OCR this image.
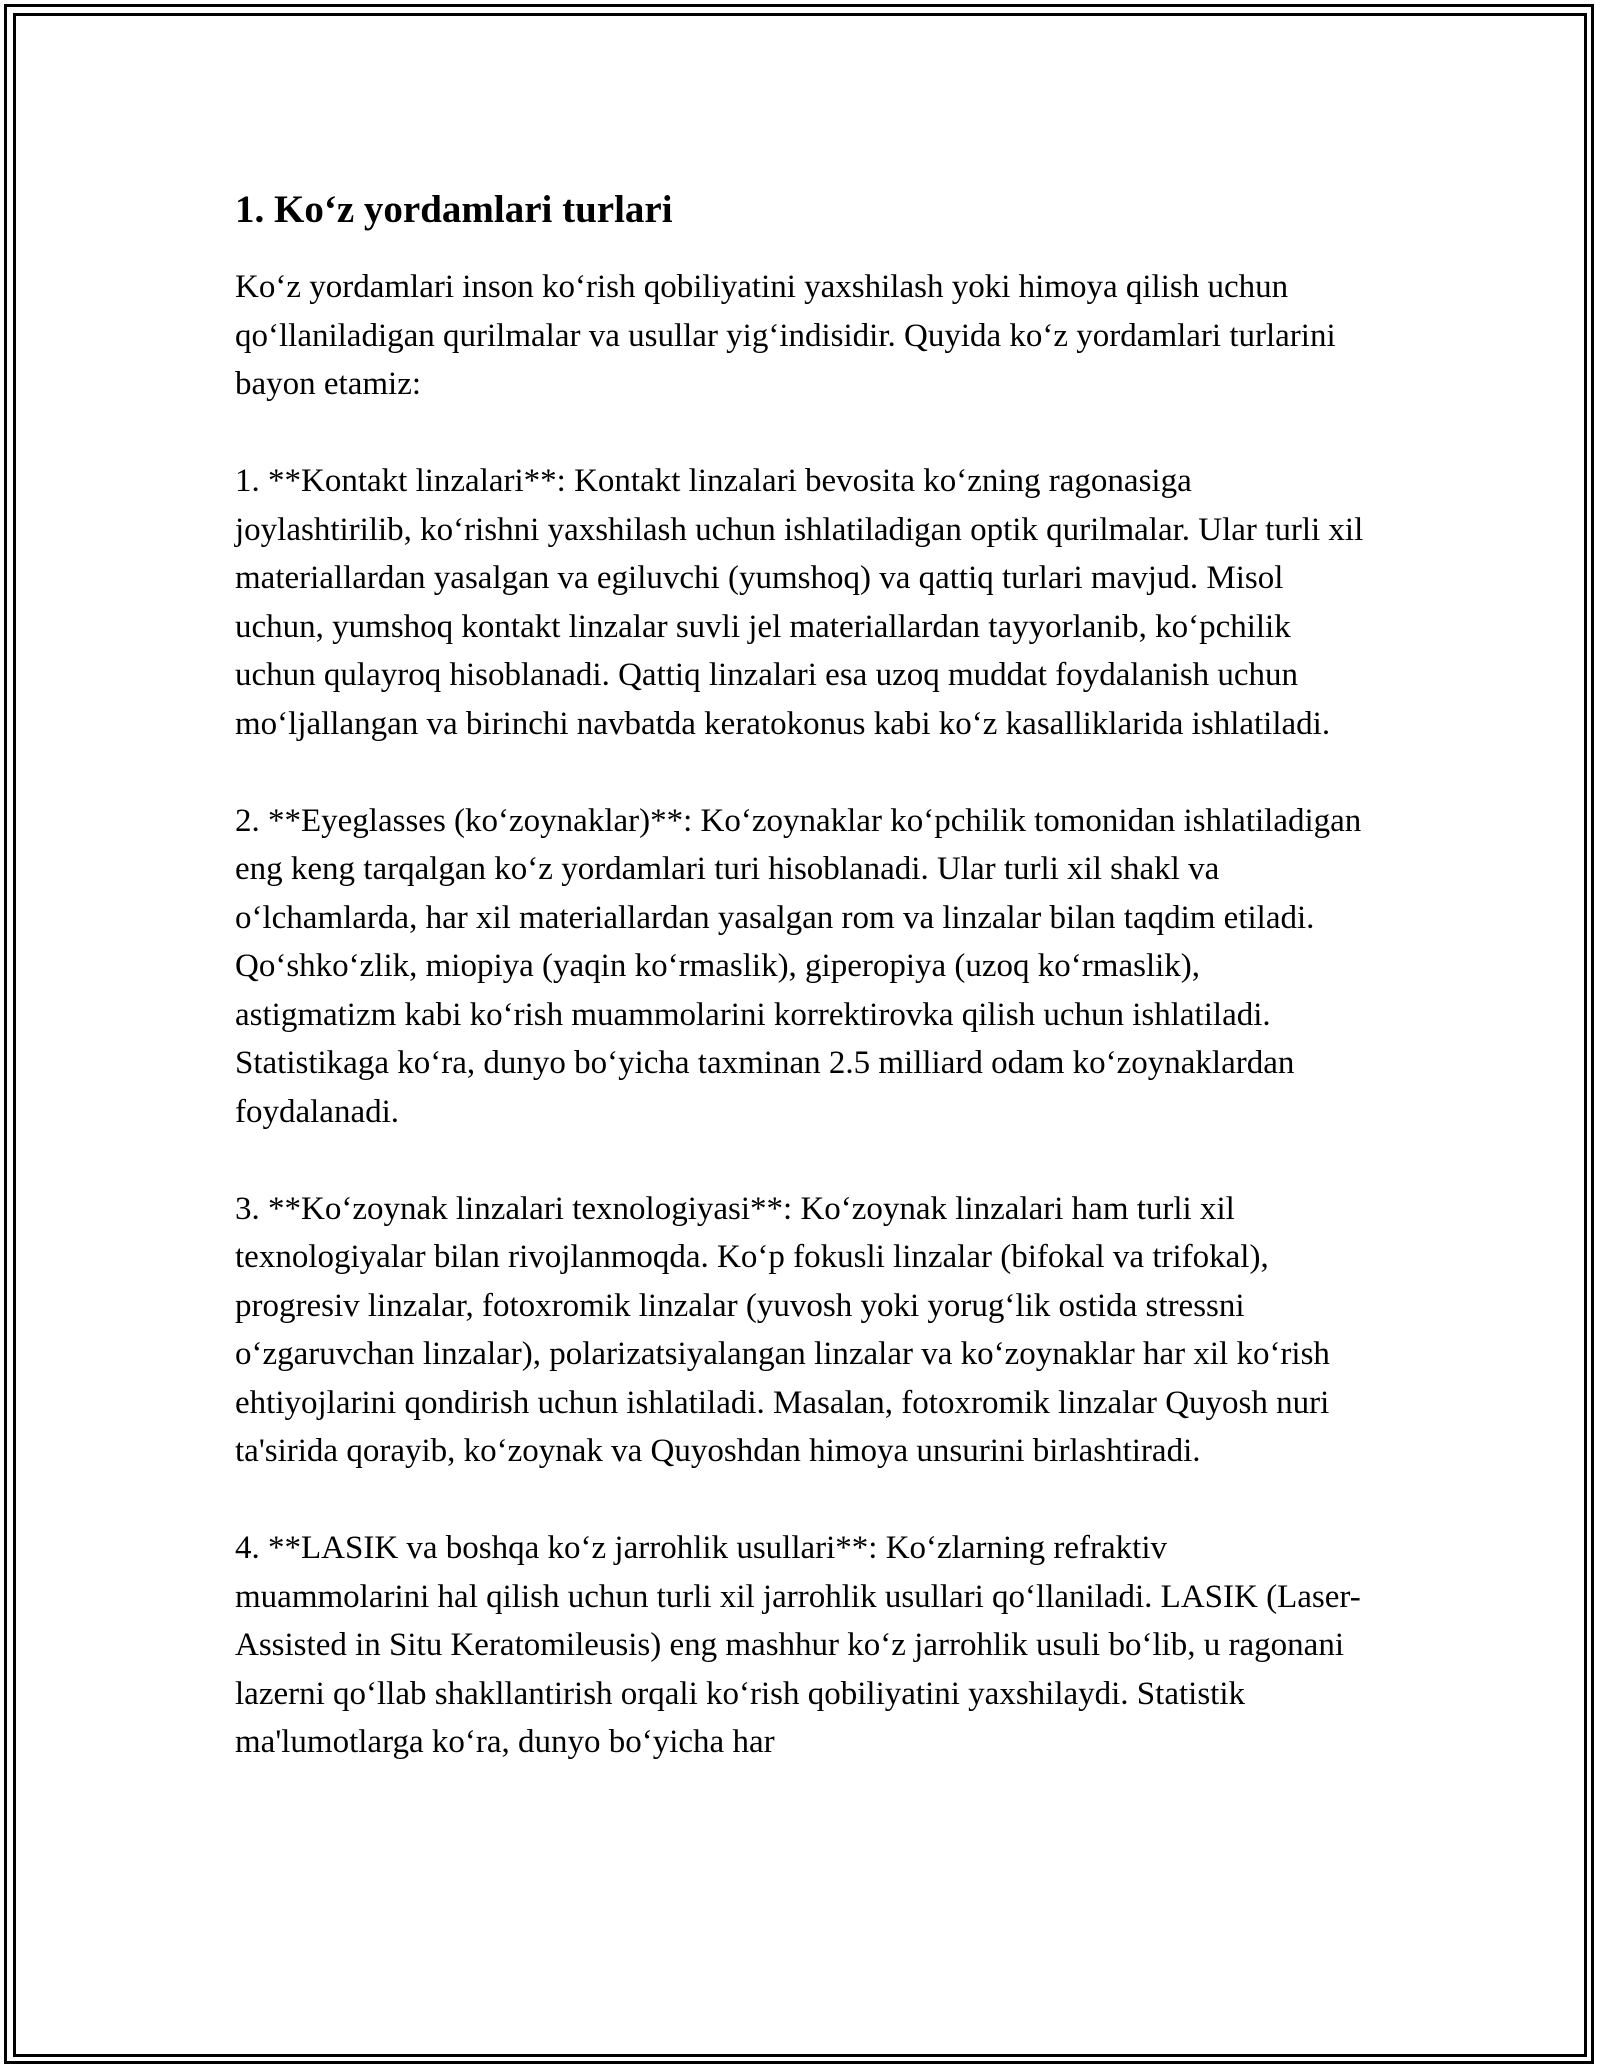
1. Ko‘z yordamlari turlari

Ko‘z yordamlari inson ko‘rish qobiliyatini yaxshilash yoki himoya qilish uchun qo‘llaniladigan qurilmalar va usullar yig‘indisidir. Quyida ko‘z yordamlari turlarini bayon etamiz:

1. **Kontakt linzalari**: Kontakt linzalari bevosita ko‘zning ragonasiga joylashtirilib, ko‘rishni yaxshilash uchun ishlatiladigan optik qurilmalar. Ular turli xil materiallardan yasalgan va egiluvchi (yumshoq) va qattiq turlari mavjud. Misol uchun, yumshoq kontakt linzalar suvli jel materiallardan tayyorlanib, ko‘pchilik uchun qulayroq hisoblanadi. Qattiq linzalari esa uzoq muddat foydalanish uchun mo‘ljallangan va birinchi navbatda keratokonus kabi ko‘z kasalliklarida ishlatiladi.

2. **Eyeglasses (ko‘zoynaklar)**: Ko‘zoynaklar ko‘pchilik tomonidan ishlatiladigan eng keng tarqalgan ko‘z yordamlari turi hisoblanadi. Ular turli xil shakl va o‘lchamlarda, har xil materiallardan yasalgan rom va linzalar bilan taqdim etiladi. Qo‘shko‘zlik, miopiya (yaqin ko‘rmaslik), giperopiya (uzoq ko‘rmaslik), astigmatizm kabi ko‘rish muammolarini korrektirovka qilish uchun ishlatiladi. Statistikaga ko‘ra, dunyo bo‘yicha taxminan 2.5 milliard odam ko‘zoynaklardan foydalanadi.

3. **Ko‘zoynak linzalari texnologiyasi**: Ko‘zoynak linzalari ham turli xil texnologiyalar bilan rivojlanmoqda. Ko‘p fokusli linzalar (bifokal va trifokal), progresiv linzalar, fotoxromik linzalar (yuvosh yoki yorug‘lik ostida stressni o‘zgaruvchan linzalar), polarizatsiyalangan linzalar va ko‘zoynaklar har xil ko‘rish ehtiyojlarini qondirish uchun ishlatiladi. Masalan, fotoxromik linzalar Quyosh nuri ta'sirida qorayib, ko‘zoynak va Quyoshdan himoya unsurini birlashtiradi.

4. **LASIK va boshqa ko‘z jarrohlik usullari**: Ko‘zlarning refraktiv muammolarini hal qilish uchun turli xil jarrohlik usullari qo‘llaniladi. LASIK (Laser-Assisted in Situ Keratomileusis) eng mashhur ko‘z jarrohlik usuli bo‘lib, u ragonani lazerni qo‘llab shakllantirish orqali ko‘rish qobiliyatini yaxshilaydi. Statistik ma'lumotlarga ko‘ra, dunyo bo‘yicha har
